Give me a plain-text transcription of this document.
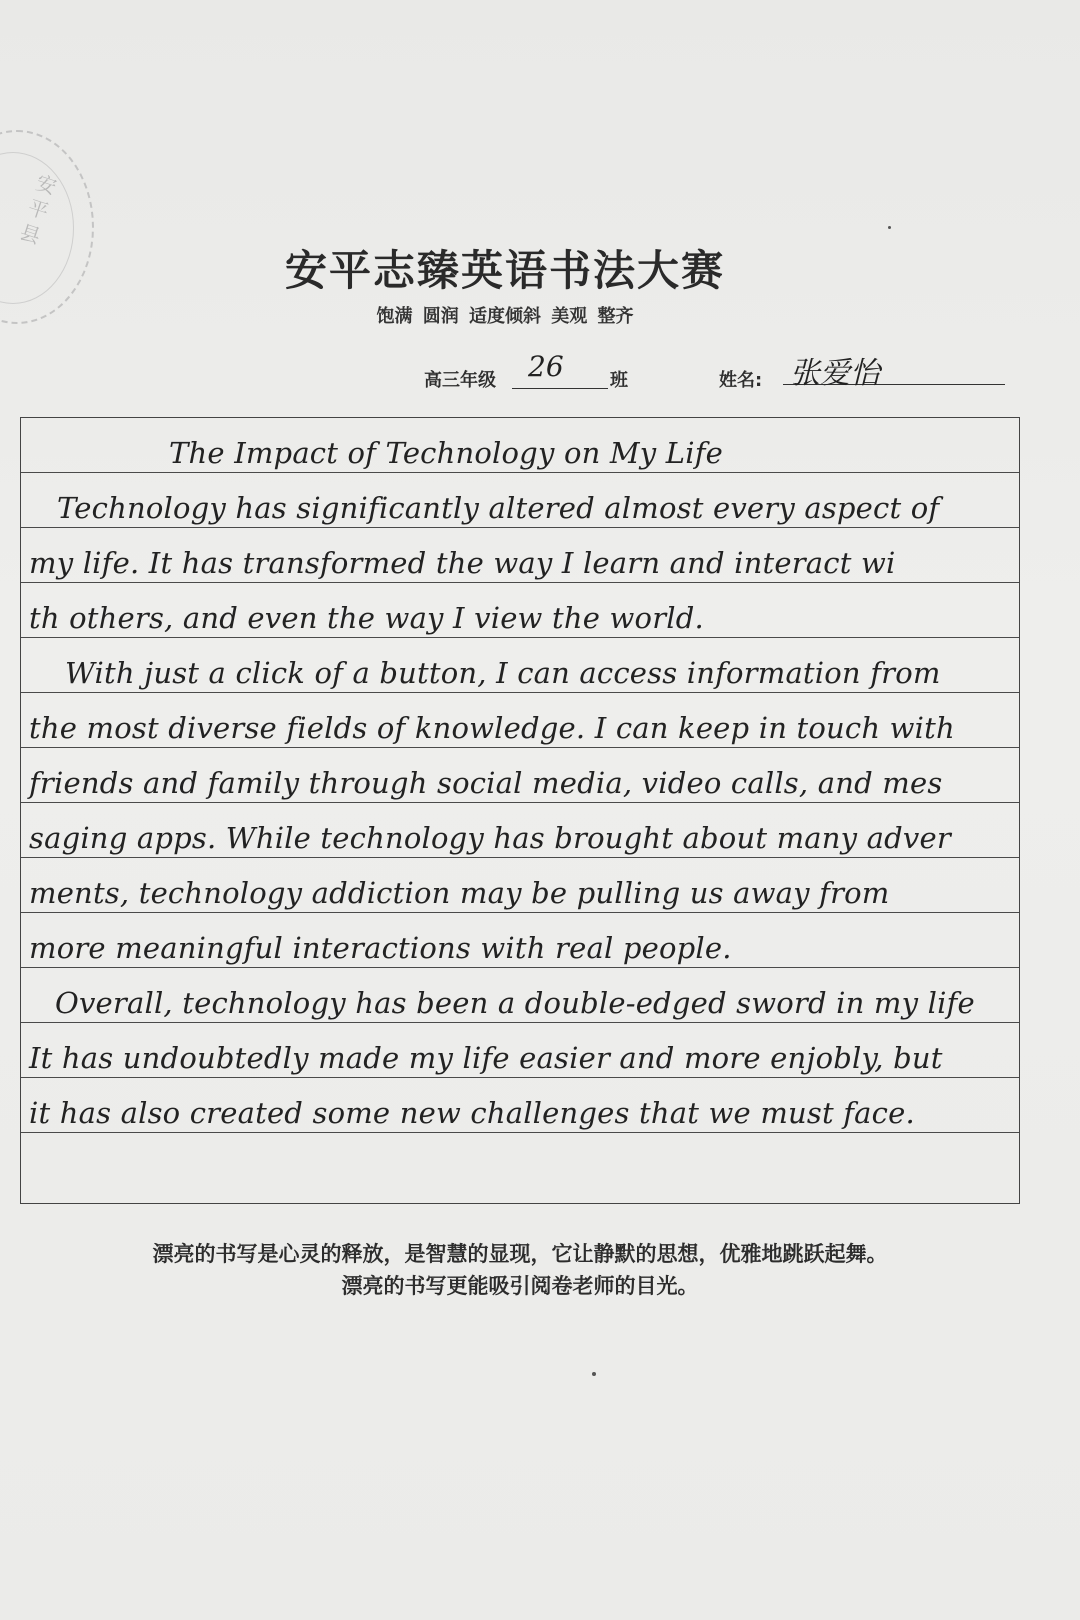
安平县
安平志臻英语书法大赛
饱满 圆润 适度倾斜 美观 整齐
高三年级 26	班	姓名: 张爱怡
The Impact of Technology on My Life
Technology has significantly altered almost every aspect of
my life. It has transformed the way I learn and interact wi
th others, and even the way I view the world.
With just a click of a button, I can access information from
the most diverse fields of knowledge. I can keep in touch with
friends and family through social media, video calls, and mes
saging apps. While technology has brought about many adver
ments, technology addiction may be pulling us away from
more meaningful interactions with real people.
Overall, technology has been a double-edged sword in my life
It has undoubtedly made my life easier and more enjobly, but
it has also created some new challenges that we must face.
漂亮的书写是心灵的释放，是智慧的显现，它让静默的思想，优雅地跳跃起舞。
漂亮的书写更能吸引阅卷老师的目光。
